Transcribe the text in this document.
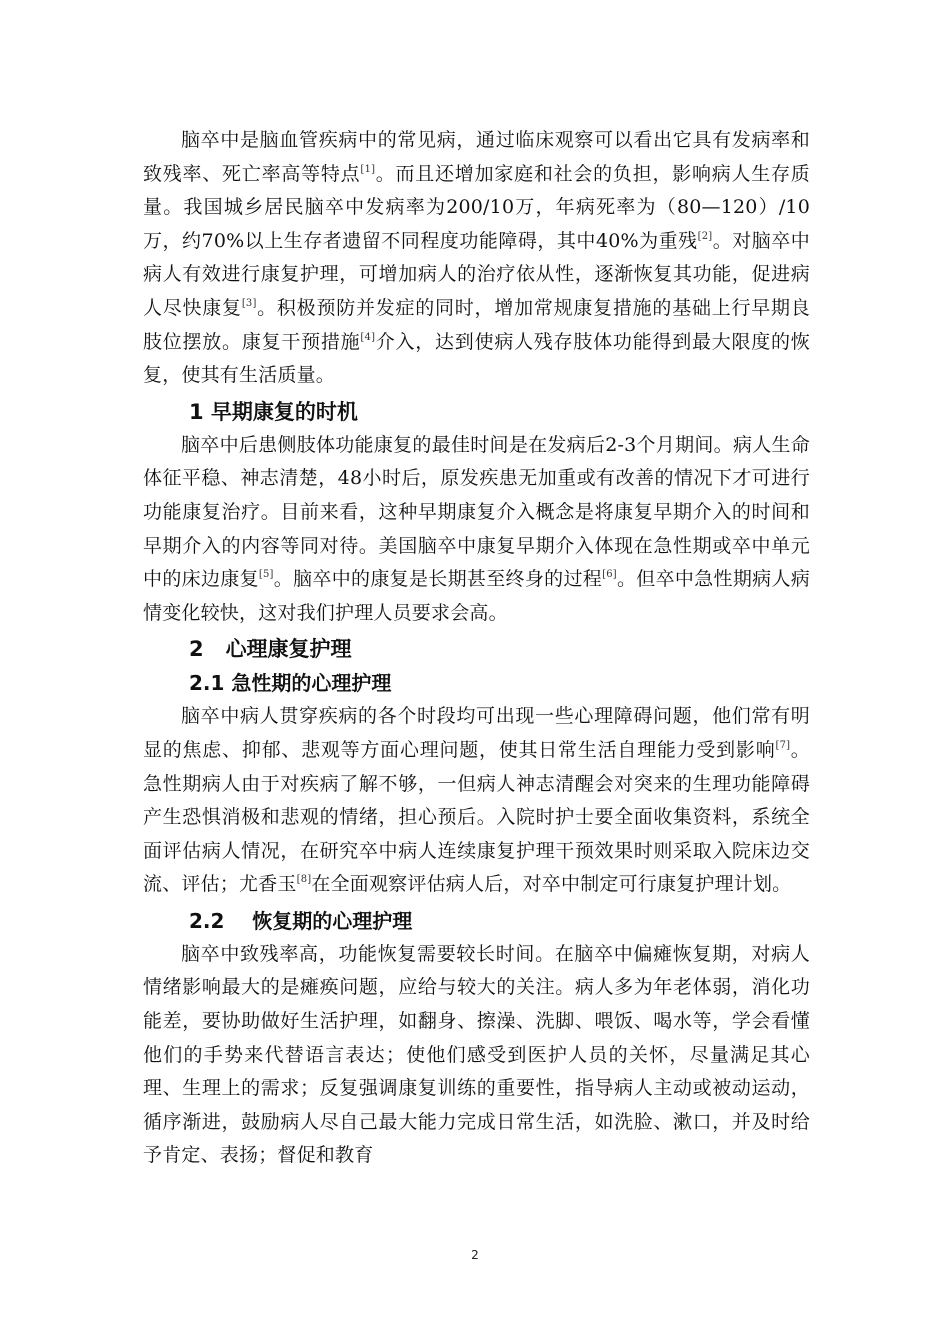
脑卒中是脑血管疾病中的常见病，通过临床观察可以看出它具有发病率和致残率、死亡率高等特点[1]。而且还增加家庭和社会的负担，影响病人生存质量。我国城乡居民脑卒中发病率为200/10万，年病死率为（80—120）/10万，约70%以上生存者遗留不同程度功能障碍，其中40%为重残[2]。对脑卒中病人有效进行康复护理，可增加病人的治疗依从性，逐渐恢复其功能，促进病人尽快康复[3]。积极预防并发症的同时，增加常规康复措施的基础上行早期良肢位摆放。康复干预措施[4]介入，达到使病人残存肢体功能得到最大限度的恢复，使其有生活质量。

1 早期康复的时机

脑卒中后患侧肢体功能康复的最佳时间是在发病后2-3个月期间。病人生命体征平稳、神志清楚，48小时后，原发疾患无加重或有改善的情况下才可进行功能康复治疗。目前来看，这种早期康复介入概念是将康复早期介入的时间和早期介入的内容等同对待。美国脑卒中康复早期介入体现在急性期或卒中单元中的床边康复[5]。脑卒中的康复是长期甚至终身的过程[6]。但卒中急性期病人病情变化较快，这对我们护理人员要求会高。

2 心理康复护理
2.1 急性期的心理护理

脑卒中病人贯穿疾病的各个时段均可出现一些心理障碍问题，他们常有明显的焦虑、抑郁、悲观等方面心理问题，使其日常生活自理能力受到影响[7]。急性期病人由于对疾病了解不够，一但病人神志清醒会对突来的生理功能障碍产生恐惧消极和悲观的情绪，担心预后。入院时护士要全面收集资料，系统全面评估病人情况，在研究卒中病人连续康复护理干预效果时则采取入院床边交流、评估；尤香玉[8]在全面观察评估病人后，对卒中制定可行康复护理计划。

2.2 恢复期的心理护理

脑卒中致残率高，功能恢复需要较长时间。在脑卒中偏瘫恢复期，对病人情绪影响最大的是瘫痪问题，应给与较大的关注。病人多为年老体弱，消化功能差，要协助做好生活护理，如翻身、擦澡、洗脚、喂饭、喝水等，学会看懂他们的手势来代替语言表达；使他们感受到医护人员的关怀，尽量满足其心理、生理上的需求；反复强调康复训练的重要性，指导病人主动或被动运动，循序渐进，鼓励病人尽自己最大能力完成日常生活，如洗脸、漱口，并及时给予肯定、表扬；督促和教育

2
